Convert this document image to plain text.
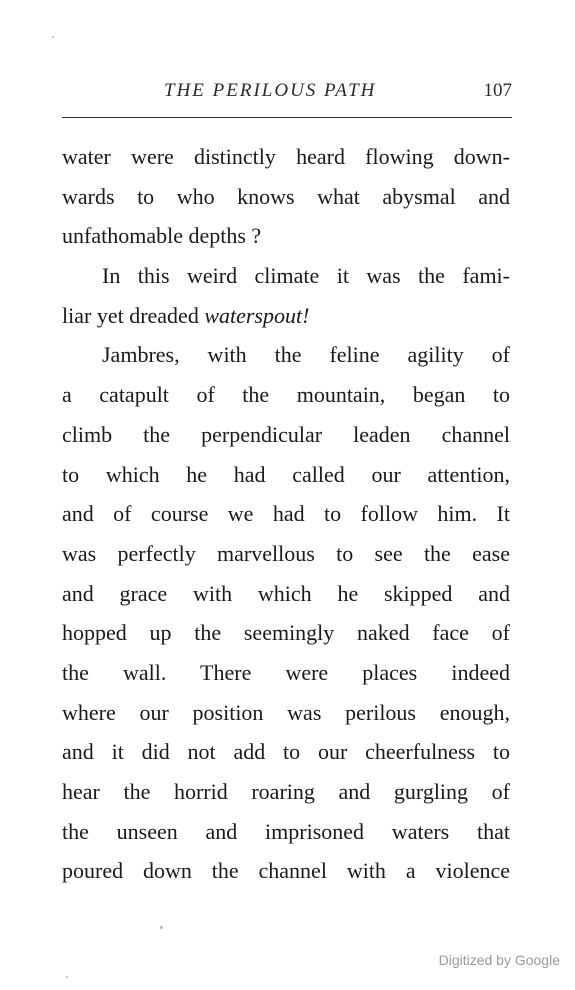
THE PERILOUS PATH	107
water were distinctly heard flowing down-
wards to who knows what abysmal and
unfathomable depths ?
In this weird climate it was the fami-
liar yet dreaded waterspout!
Jambres, with the feline agility of
a catapult of the mountain, began to
climb the perpendicular leaden channel
to which he had called our attention,
and of course we had to follow him. It
was perfectly marvellous to see the ease
and grace with which he skipped and
hopped up the seemingly naked face of
the wall. There were places indeed
where our position was perilous enough,
and it did not add to our cheerfulness to
hear the horrid roaring and gurgling of
the unseen and imprisoned waters that
poured down the channel with a violence
Digitized by Google
